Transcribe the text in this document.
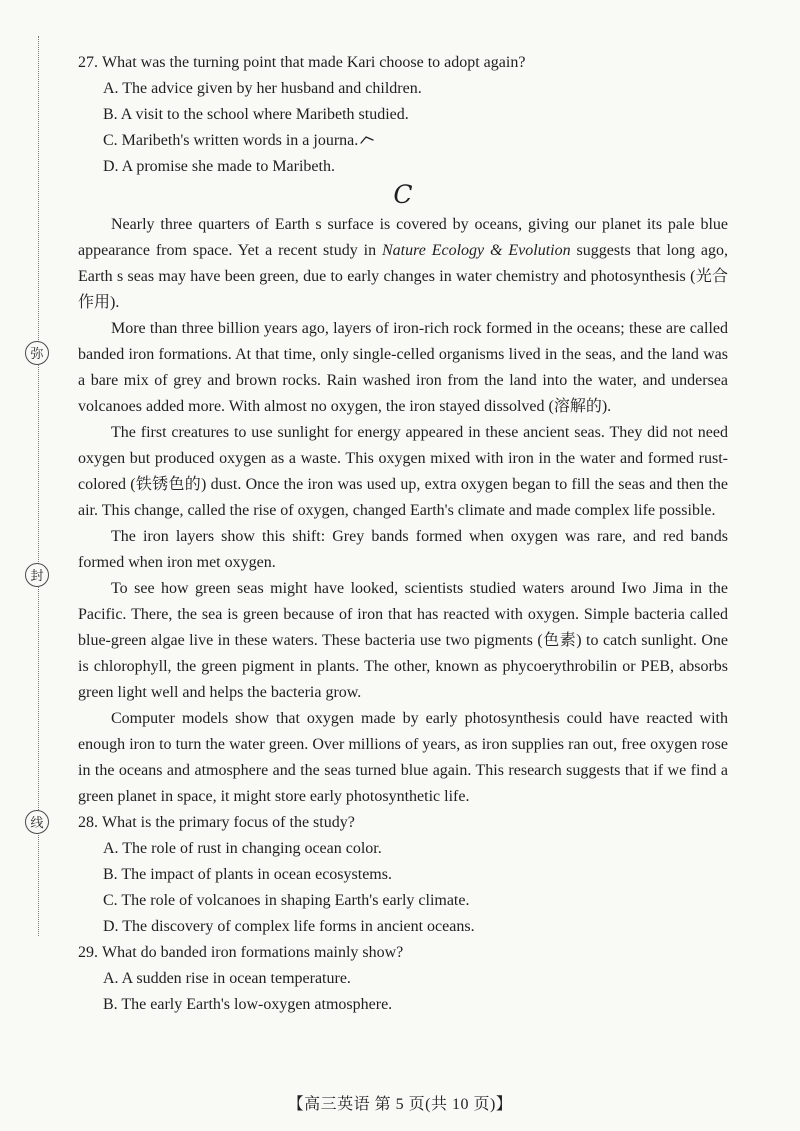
弥
封
线
27. What was the turning point that made Kari choose to adopt again?
A. The advice given by her husband and children.
B. A visit to the school where Maribeth studied.
C. Maribeth's written words in a journa.
D. A promise she made to Maribeth.
C

Nearly three quarters of Earth s surface is covered by oceans, giving our planet its pale blue appearance from space. Yet a recent study in Nature Ecology & Evolution suggests that long ago, Earth s seas may have been green, due to early changes in water chemistry and photosynthesis (光合作用).

More than three billion years ago, layers of iron-rich rock formed in the oceans; these are called banded iron formations. At that time, only single-celled organisms lived in the seas, and the land was a bare mix of grey and brown rocks. Rain washed iron from the land into the water, and undersea volcanoes added more. With almost no oxygen, the iron stayed dissolved (溶解的).

The first creatures to use sunlight for energy appeared in these ancient seas. They did not need oxygen but produced oxygen as a waste. This oxygen mixed with iron in the water and formed rust-colored (铁锈色的) dust. Once the iron was used up, extra oxygen began to fill the seas and then the air. This change, called the rise of oxygen, changed Earth's climate and made complex life possible.

The iron layers show this shift: Grey bands formed when oxygen was rare, and red bands formed when iron met oxygen.

To see how green seas might have looked, scientists studied waters around Iwo Jima in the Pacific. There, the sea is green because of iron that has reacted with oxygen. Simple bacteria called blue-green algae live in these waters. These bacteria use two pigments (色素) to catch sunlight. One is chlorophyll, the green pigment in plants. The other, known as phycoerythrobilin or PEB, absorbs green light well and helps the bacteria grow.

Computer models show that oxygen made by early photosynthesis could have reacted with enough iron to turn the water green. Over millions of years, as iron supplies ran out, free oxygen rose in the oceans and atmosphere and the seas turned blue again. This research suggests that if we find a green planet in space, it might store early photosynthetic life.

28. What is the primary focus of the study?
A. The role of rust in changing ocean color.
B. The impact of plants in ocean ecosystems.
C. The role of volcanoes in shaping Earth's early climate.
D. The discovery of complex life forms in ancient oceans.
29. What do banded iron formations mainly show?
A. A sudden rise in ocean temperature.
B. The early Earth's low-oxygen atmosphere.
【高三英语 第 5 页(共 10 页)】
